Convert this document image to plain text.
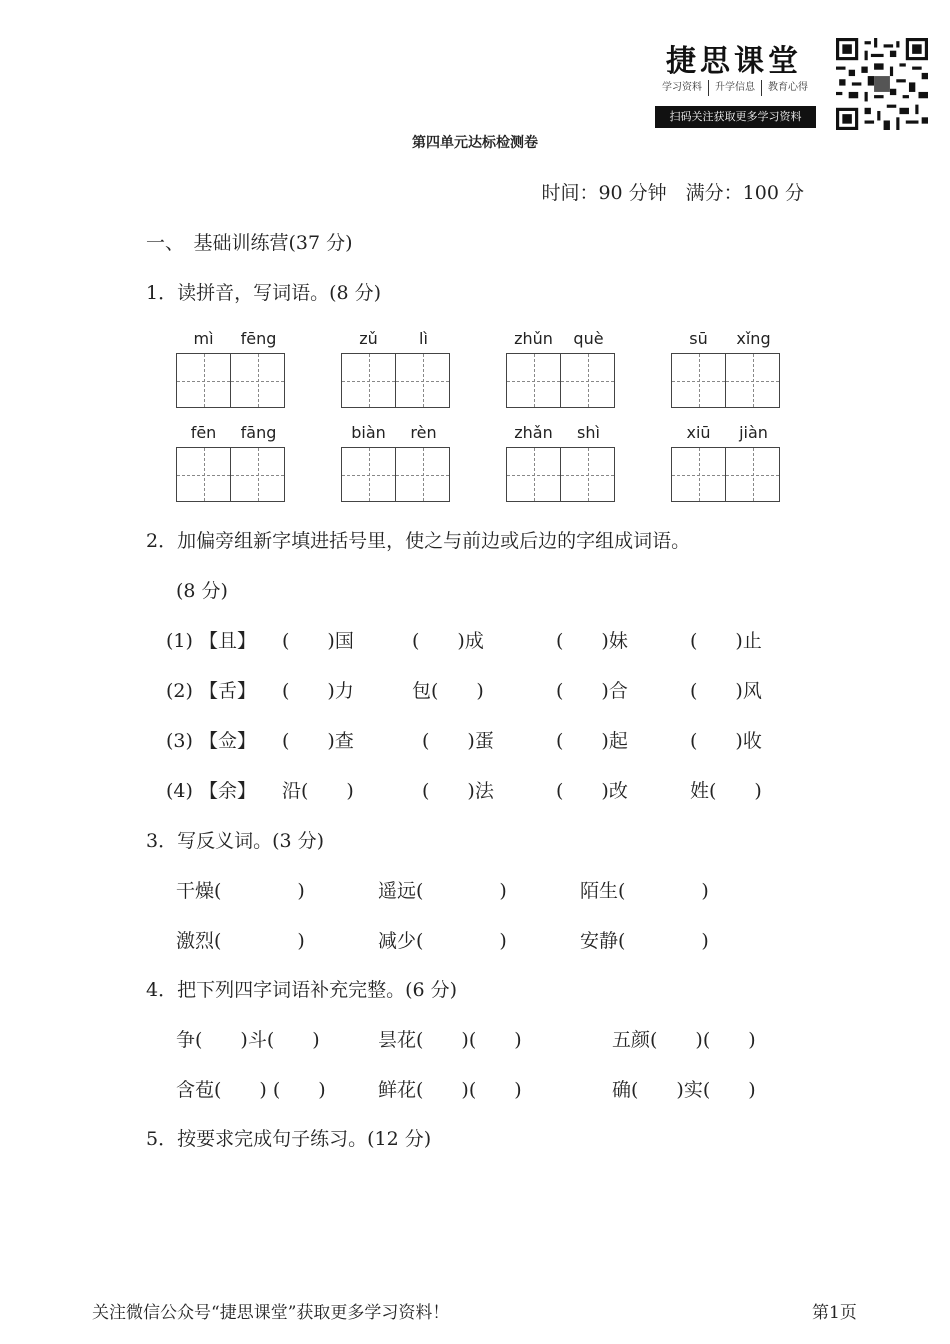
捷思课堂
学习资料	升学信息	教育心得
扫码关注获取更多学习资料
第四单元达标检测卷
时间：90 分钟　满分：100 分
一、　基础训练营(37 分)
1．读拼音，写词语。(8 分)
mì	fēng	zǔ	lì	zhǔn	què	sū	xǐng
fēn	fāng	biàn	rèn	zhǎn	shì	xiū	jiàn
2．加偏旁组新字填进括号里，使之与前边或后边的字组成词语。
(8 分)
(1) 【且】 (　　)国	(　　)成	(　　)妹	(　　)止
(2) 【舌】 (　　)力	包(　　)	(　　)合	(　　)风
(3) 【佥】 (　　)查	(　　)蛋	(　　)起	(　　)收
(4) 【余】 沿(　　)	(　　)法	(　　)改	姓(　　)
3．写反义词。(3 分)
干燥(　　　　)	遥远(　　　　)	陌生(　　　　)
激烈(　　　　)	减少(　　　　)	安静(　　　　)
4．把下列四字词语补充完整。(6 分)
争(　　)斗(　　)	昙花(　　)(　　)	五颜(　　)(　　)
含苞(　　) (　　)	鲜花(　　)(　　)	确(　　)实(　　)
5．按要求完成句子练习。(12 分)
关注微信公众号“捷思课堂”获取更多学习资料！	第1页
